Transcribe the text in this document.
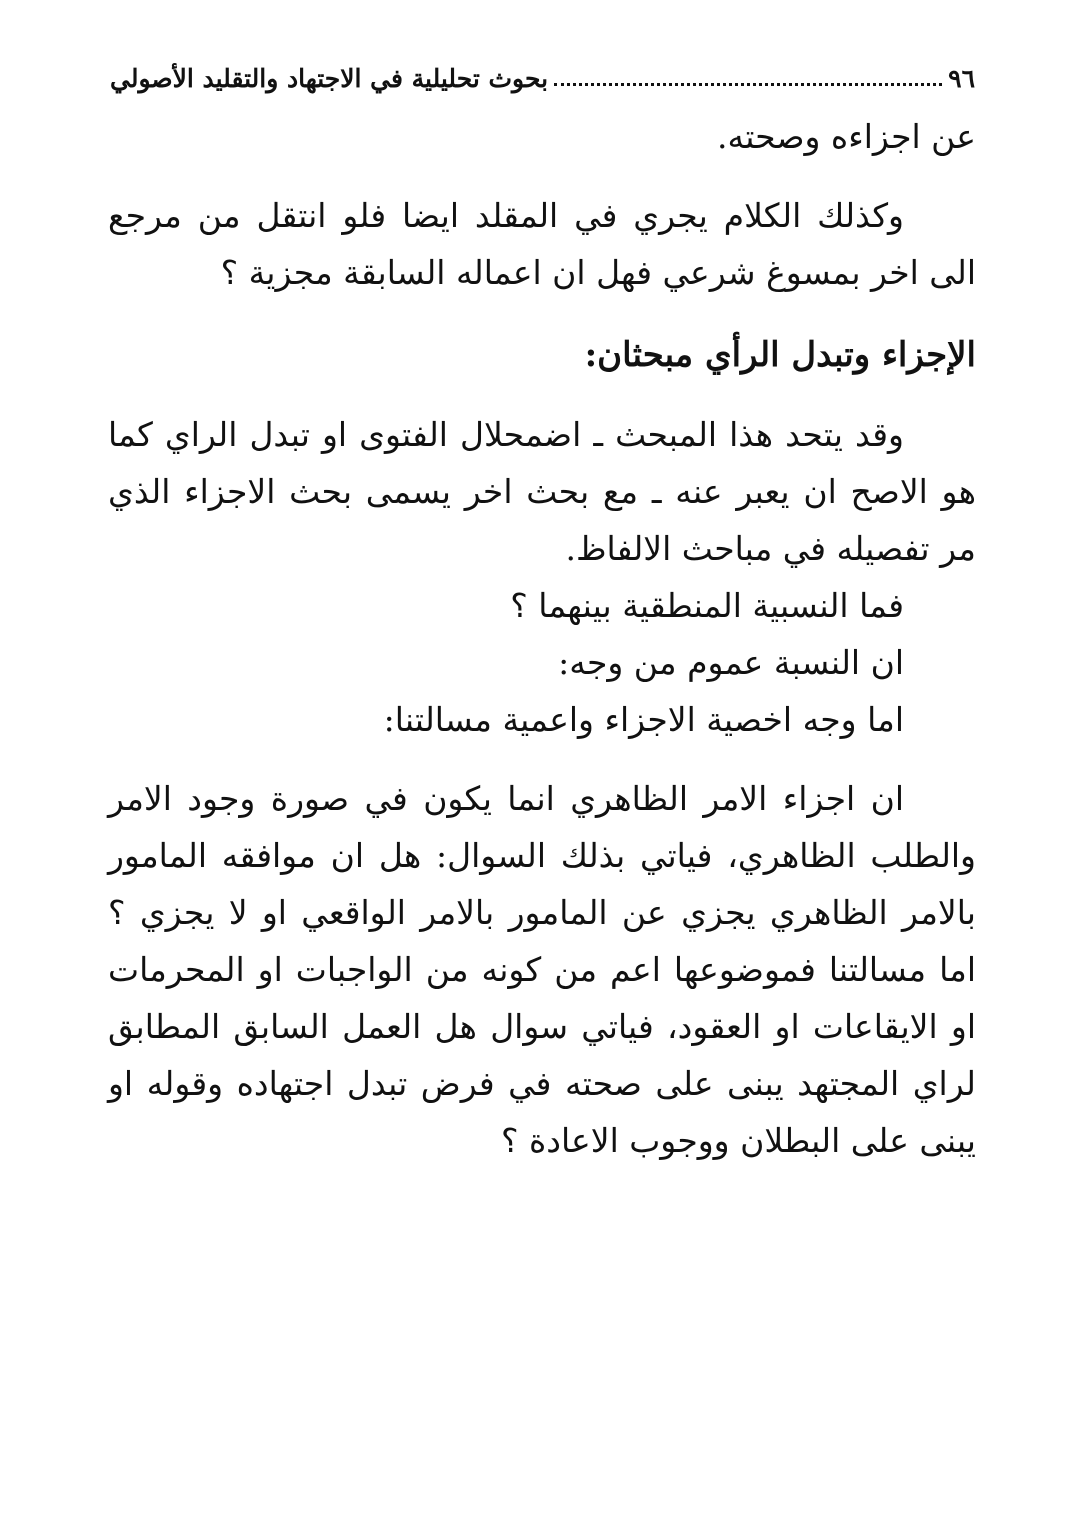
٩٦
بحوث تحليلية في الاجتهاد والتقليد الأصولي

عن اجزاءه وصحته.

وكذلك الكلام يجري في المقلد ايضا فلو انتقل من مرجع الى اخر بمسوغ شرعي فهل ان اعماله السابقة مجزية ؟

الإجزاء وتبدل الرأي مبحثان:

وقد يتحد هذا المبحث ـ اضمحلال الفتوى او تبدل الراي كما هو الاصح ان يعبر عنه ـ مع بحث اخر يسمى بحث الاجزاء الذي مر تفصيله في مباحث الالفاظ.

فما النسبية المنطقية بينهما ؟

ان النسبة عموم من وجه:

اما وجه اخصية الاجزاء واعمية مسالتنا:

ان اجزاء الامر الظاهري انما يكون في صورة وجود الامر والطلب الظاهري، فياتي بذلك السوال: هل ان موافقه المامور بالامر الظاهري يجزي عن المامور بالامر الواقعي او لا يجزي ؟ اما مسالتنا فموضوعها اعم من كونه من الواجبات او المحرمات او الايقاعات او العقود، فياتي سوال هل العمل السابق المطابق لراي المجتهد يبنى على صحته في فرض تبدل اجتهاده وقوله او يبنى على البطلان ووجوب الاعادة ؟
